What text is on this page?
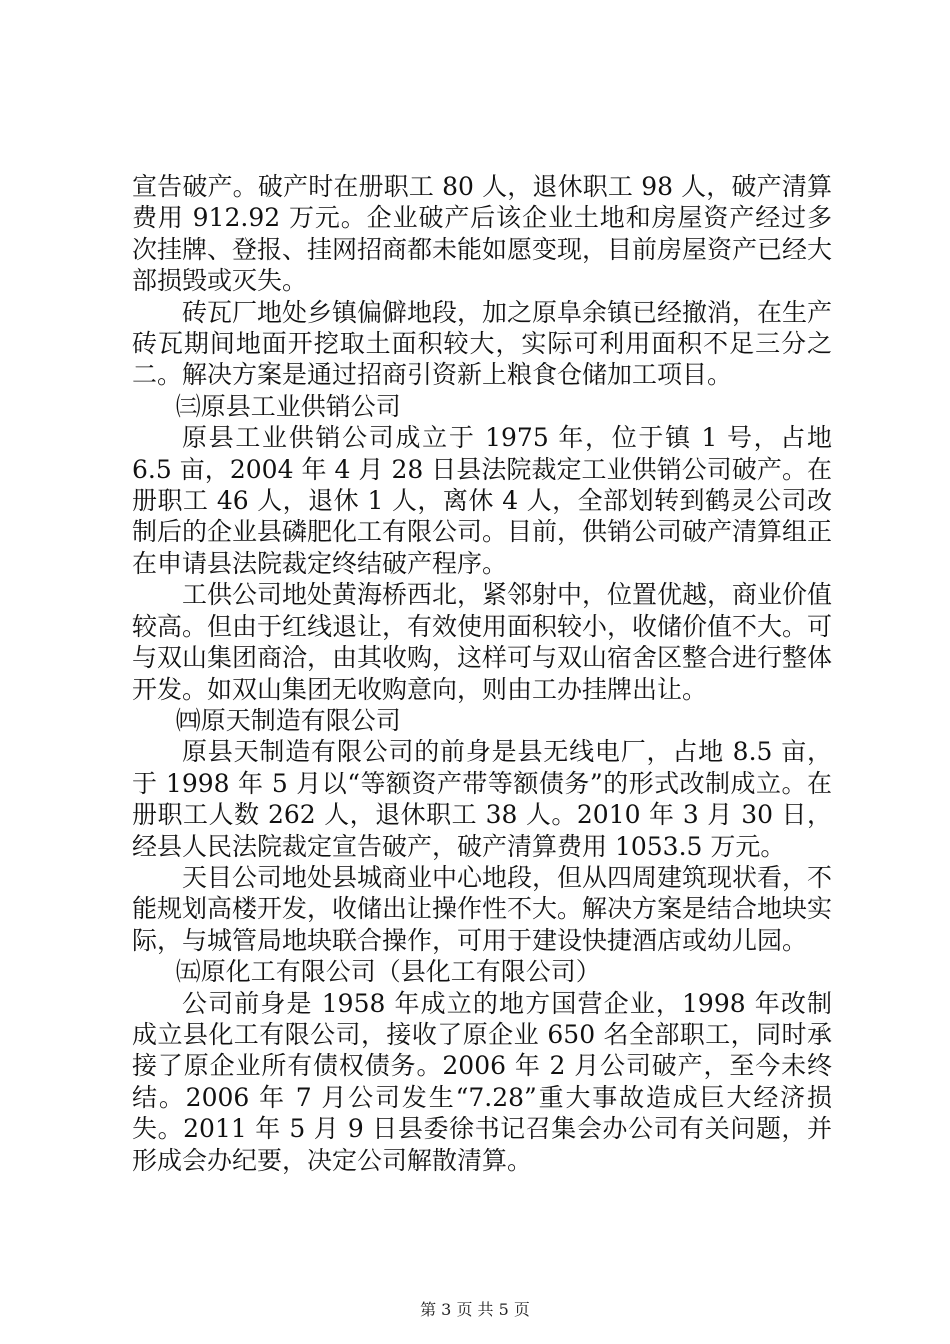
宣告破产。破产时在册职工 80 人，退休职工 98 人，破产清算费用 912.92 万元。企业破产后该企业土地和房屋资产经过多次挂牌、登报、挂网招商都未能如愿变现，目前房屋资产已经大部损毁或灭失。

砖瓦厂地处乡镇偏僻地段，加之原阜余镇已经撤消，在生产砖瓦期间地面开挖取土面积较大，实际可利用面积不足三分之二。解决方案是通过招商引资新上粮食仓储加工项目。

㈢原县工业供销公司

原县工业供销公司成立于 1975 年，位于镇 1 号，占地 6.5 亩，2004 年 4 月 28 日县法院裁定工业供销公司破产。在册职工 46 人，退休 1 人，离休 4 人，全部划转到鹤灵公司改制后的企业县磷肥化工有限公司。目前，供销公司破产清算组正在申请县法院裁定终结破产程序。

工供公司地处黄海桥西北，紧邻射中，位置优越，商业价值较高。但由于红线退让，有效使用面积较小，收储价值不大。可与双山集团商洽，由其收购，这样可与双山宿舍区整合进行整体开发。如双山集团无收购意向，则由工办挂牌出让。

㈣原天制造有限公司

原县天制造有限公司的前身是县无线电厂，占地 8.5 亩，于 1998 年 5 月以“等额资产带等额债务”的形式改制成立。在册职工人数 262 人，退休职工 38 人。2010 年 3 月 30 日，经县人民法院裁定宣告破产，破产清算费用 1053.5 万元。

天目公司地处县城商业中心地段，但从四周建筑现状看，不能规划高楼开发，收储出让操作性不大。解决方案是结合地块实际，与城管局地块联合操作，可用于建设快捷酒店或幼儿园。

㈤原化工有限公司（县化工有限公司）

公司前身是 1958 年成立的地方国营企业，1998 年改制成立县化工有限公司，接收了原企业 650 名全部职工，同时承接了原企业所有债权债务。2006 年 2 月公司破产，至今未终结。2006 年 7 月公司发生“7.28”重大事故造成巨大经济损失。2011 年 5 月 9 日县委徐书记召集会办公司有关问题，并形成会办纪要，决定公司解散清算。

第 3 页 共 5 页
